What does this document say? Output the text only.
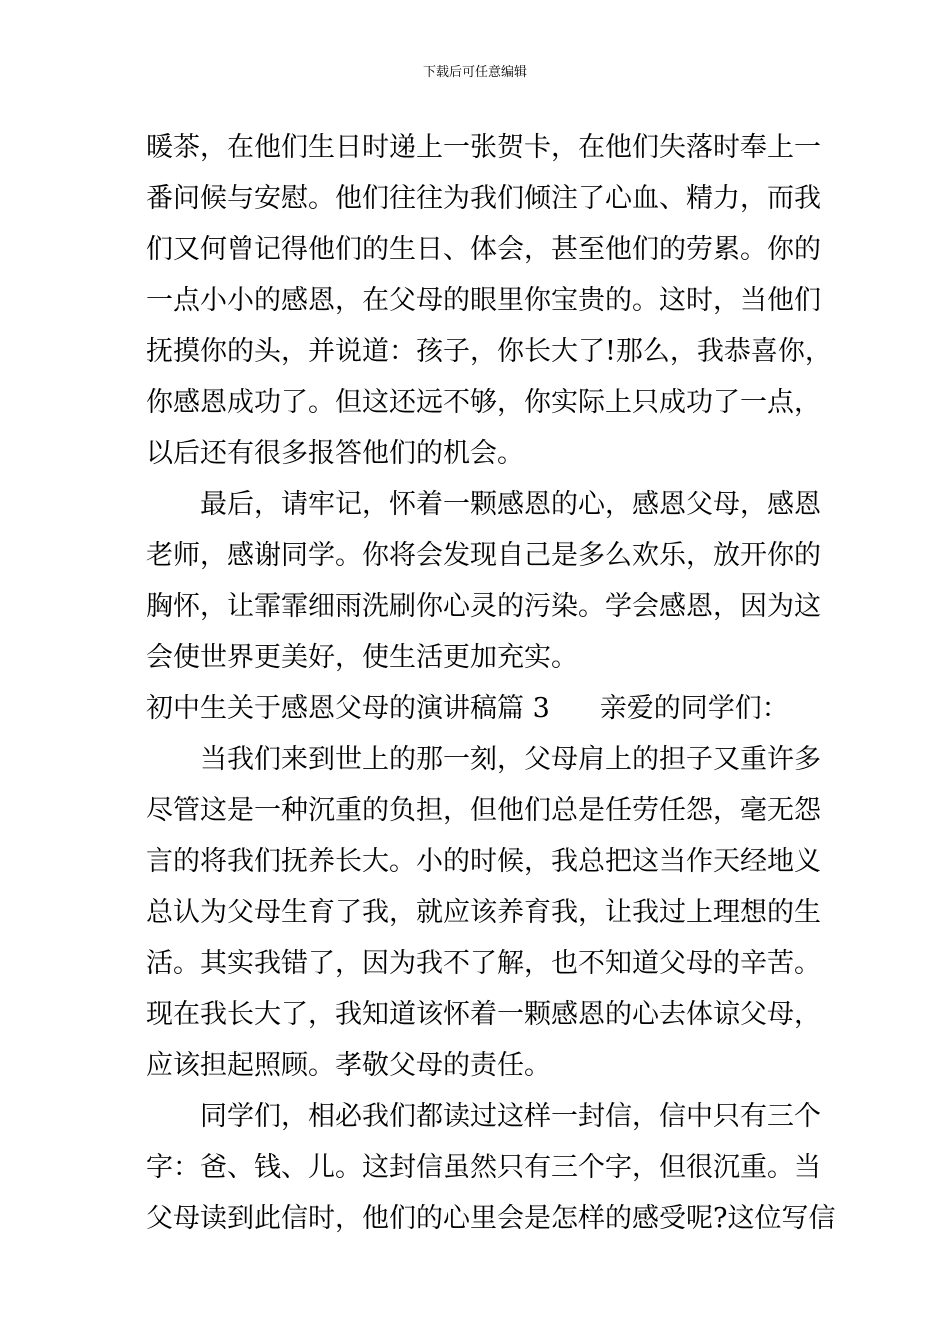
下载后可任意编辑
暖茶，在他们生日时递上一张贺卡，在他们失落时奉上一
番问候与安慰。他们往往为我们倾注了心血、精力，而我
们又何曾记得他们的生日、体会，甚至他们的劳累。你的
一点小小的感恩，在父母的眼里你宝贵的。这时，当他们
抚摸你的头，并说道：孩子，你长大了!那么，我恭喜你，
你感恩成功了。但这还远不够，你实际上只成功了一点，
以后还有很多报答他们的机会。
最后，请牢记，怀着一颗感恩的心，感恩父母，感恩
老师，感谢同学。你将会发现自己是多么欢乐，放开你的
胸怀，让霏霏细雨洗刷你心灵的污染。学会感恩，因为这
会使世界更美好，使生活更加充实。
初中生关于感恩父母的演讲稿篇 3 亲爱的同学们：
当我们来到世上的那一刻，父母肩上的担子又重许多
尽管这是一种沉重的负担，但他们总是任劳任怨，毫无怨
言的将我们抚养长大。小的时候，我总把这当作天经地义
总认为父母生育了我，就应该养育我，让我过上理想的生
活。其实我错了，因为我不了解，也不知道父母的辛苦。
现在我长大了，我知道该怀着一颗感恩的心去体谅父母，
应该担起照顾。孝敬父母的责任。
同学们，相必我们都读过这样一封信，信中只有三个
字：爸、钱、儿。这封信虽然只有三个字，但很沉重。当
父母读到此信时，他们的心里会是怎样的感受呢?这位写信
